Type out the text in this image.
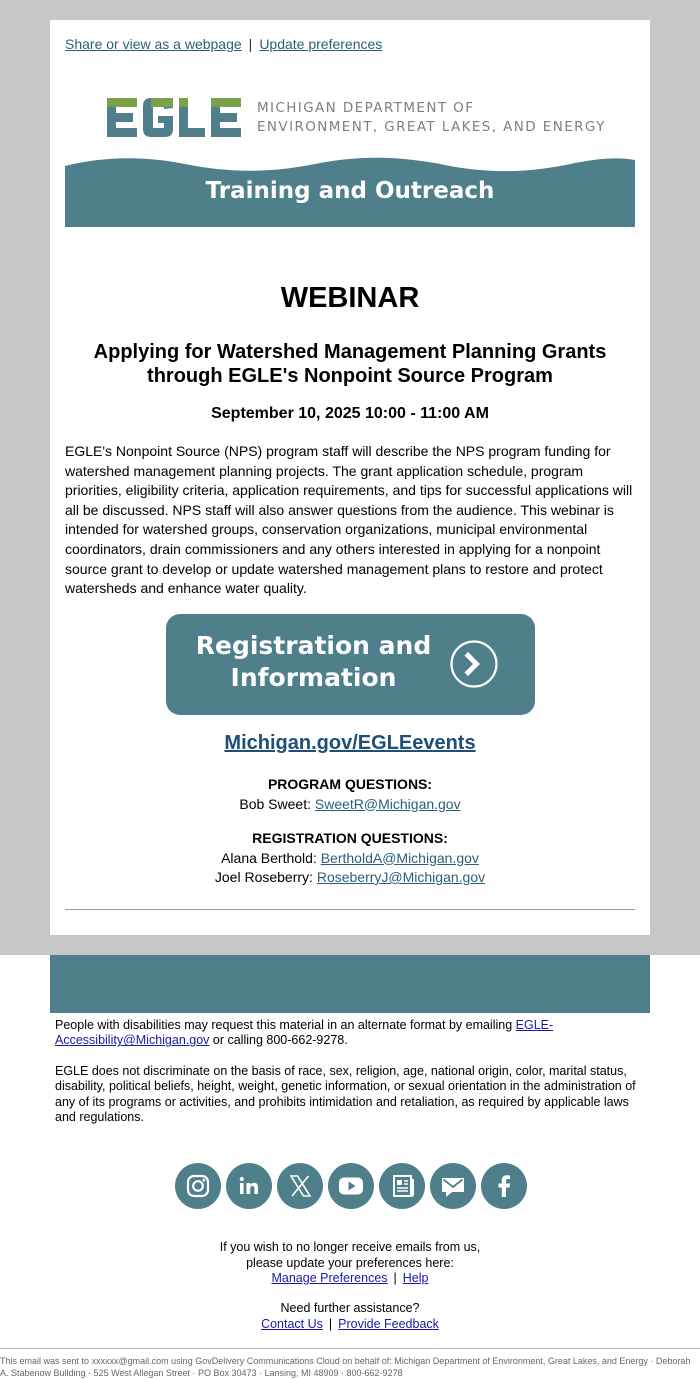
Share or view as a webpage | Update preferences
MICHIGAN DEPARTMENT OF
ENVIRONMENT, GREAT LAKES, AND ENERGY
Training and Outreach
WEBINAR
Applying for Watershed Management Planning Grants through EGLE's Nonpoint Source Program
September 10, 2025 10:00 - 11:00 AM
EGLE's Nonpoint Source (NPS) program staff will describe the NPS program funding for watershed management planning projects. The grant application schedule, program priorities, eligibility criteria, application requirements, and tips for successful applications will all be discussed. NPS staff will also answer questions from the audience. This webinar is intended for watershed groups, conservation organizations, municipal environmental coordinators, drain commissioners and any others interested in applying for a nonpoint source grant to develop or update watershed management plans to restore and protect watersheds and enhance water quality.
Registration and
Information
Michigan.gov/EGLEevents
PROGRAM QUESTIONS:
Bob Sweet: SweetR@Michigan.gov
REGISTRATION QUESTIONS:
Alana Berthold: BertholdA@Michigan.gov
Joel Roseberry: RoseberryJ@Michigan.gov
People with disabilities may request this material in an alternate format by emailing EGLE-Accessibility@Michigan.gov or calling 800-662-9278.
EGLE does not discriminate on the basis of race, sex, religion, age, national origin, color, marital status, disability, political beliefs, height, weight, genetic information, or sexual orientation in the administration of any of its programs or activities, and prohibits intimidation and retaliation, as required by applicable laws and regulations.
If you wish to no longer receive emails from us,
please update your preferences here:
Manage Preferences | Help
Need further assistance?
Contact Us | Provide Feedback
This email was sent to xxxxxx@gmail.com using GovDelivery Communications Cloud on behalf of: Michigan Department of Environment, Great Lakes, and Energy · Deborah A. Stabenow Building · 525 West Allegan Street · PO Box 30473 · Lansing, MI 48909 · 800-662-9278
